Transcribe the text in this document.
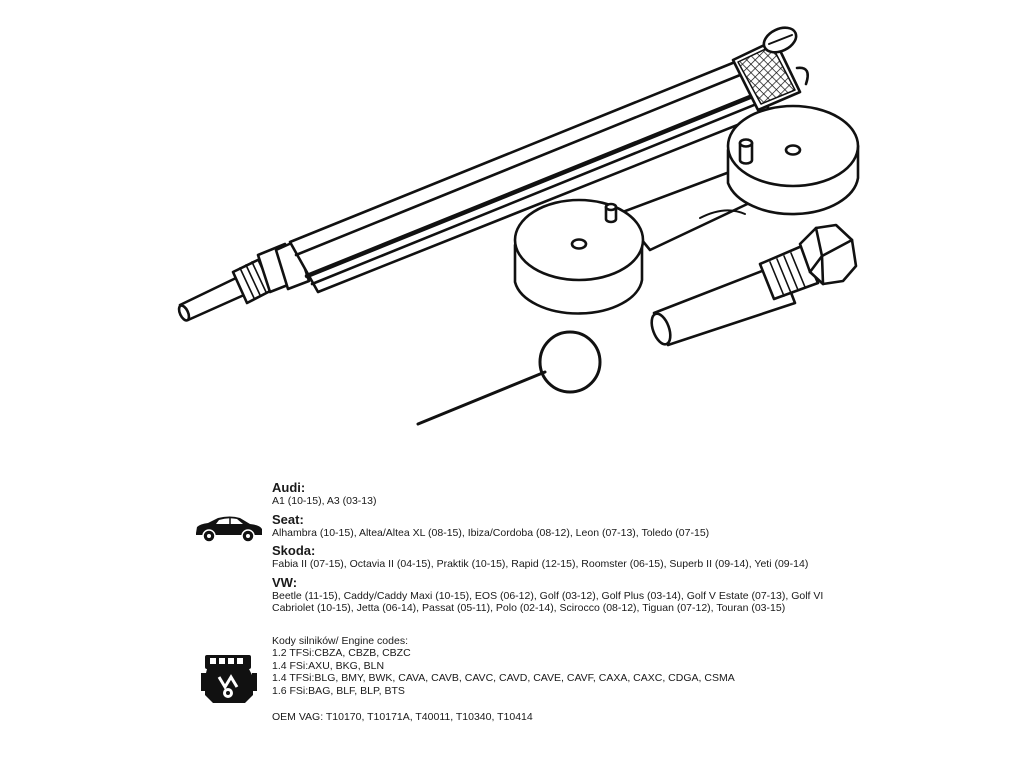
Audi:

A1 (10-15), A3 (03-13)

Seat:

Alhambra (10-15), Altea/Altea XL (08-15), Ibiza/Cordoba (08-12), Leon (07-13), Toledo (07-15)

Skoda:

Fabia II (07-15), Octavia II (04-15), Praktik (10-15), Rapid (12-15), Roomster (06-15), Superb II (09-14), Yeti (09-14)

VW:

Beetle (11-15), Caddy/Caddy Maxi (10-15), EOS (06-12), Golf (03-12), Golf Plus (03-14), Golf V Estate (07-13), Golf VI Cabriolet (10-15), Jetta (06-14), Passat (05-11), Polo (02-14), Scirocco (08-12), Tiguan (07-12), Touran (03-15)

Kody silników/ Engine codes:
1.2 TFSi:CBZA, CBZB, CBZC
1.4 FSi:AXU, BKG, BLN
1.4 TFSi:BLG, BMY, BWK, CAVA, CAVB, CAVC, CAVD, CAVE, CAVF, CAXA, CAXC, CDGA, CSMA
1.6 FSi:BAG, BLF, BLP, BTS
OEM VAG: T10170, T10171A, T40011, T10340, T10414
